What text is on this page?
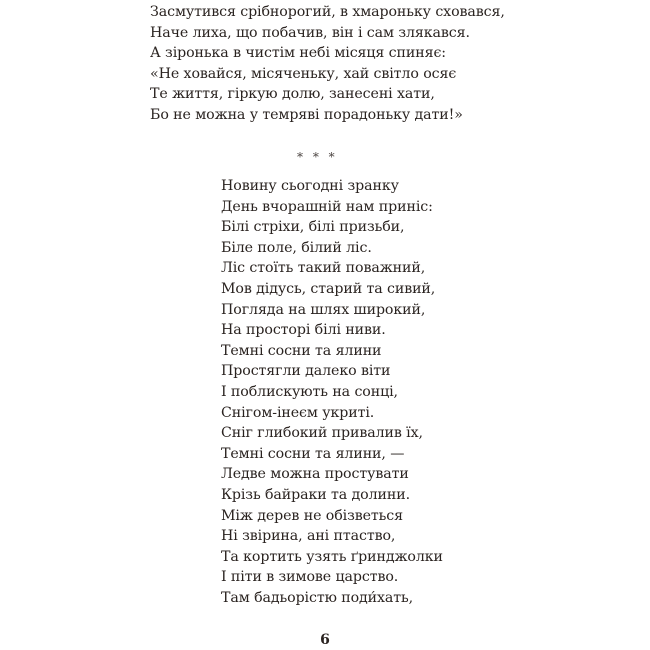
Засмутився срібнорогий, в хмароньку сховався,
Наче лиха, що побачив, він і сам злякався.
А зіронька в чистім небі місяця спиняє:
«Не ховайся, місяченьку, хай світло осяє
Те життя, гіркую долю, занесені хати,
Бо не можна у темряві порадоньку дати!»
* * *
Новину сьогодні зранку
День вчорашній нам приніс:
Білі стріхи, білі призьби,
Біле поле, білий ліс.
Ліс стоїть такий поважний,
Мов дідусь, старий та сивий,
Погляда на шлях широкий,
На просторі білі ниви.
Темні сосни та ялини
Простягли далеко віти
І поблискують на сонці,
Снігом-інеєм укриті.
Сніг глибокий привалив їх,
Темні сосни та ялини, —
Ледве можна простувати
Крізь байраки та долини.
Між дерев не обізветься
Ні звірина, ані птаство,
Та кортить узять ґринджолки
І піти в зимове царство.
Там бадьорістю поди́хать,
6
